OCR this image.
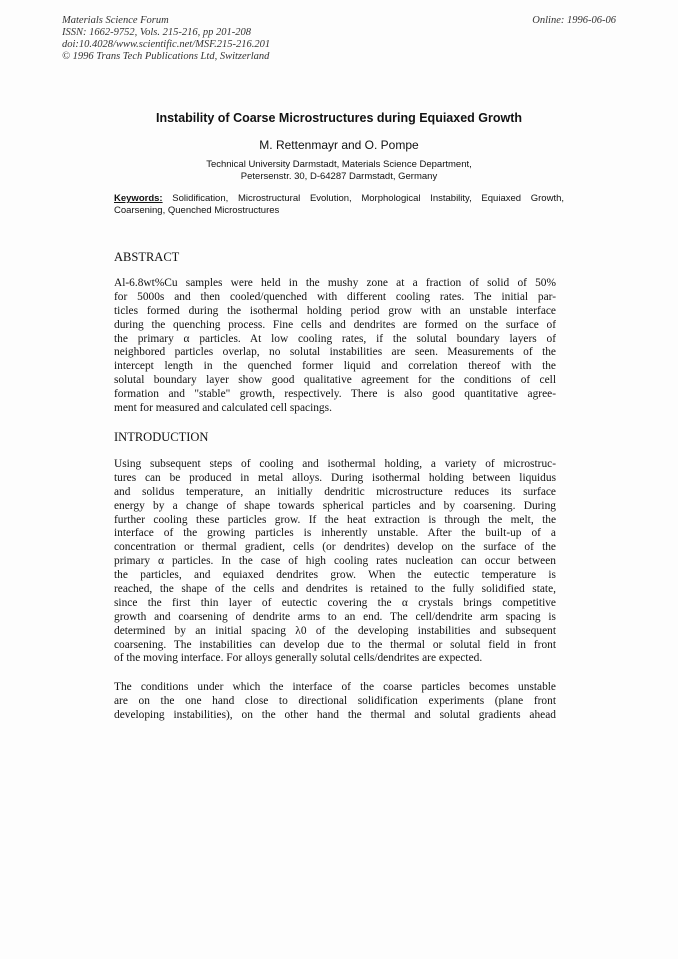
Materials Science Forum
ISSN: 1662-9752, Vols. 215-216, pp 201-208
doi:10.4028/www.scientific.net/MSF.215-216.201
© 1996 Trans Tech Publications Ltd, Switzerland
Online: 1996-06-06
Instability of Coarse Microstructures during Equiaxed Growth
M. Rettenmayr and O. Pompe
Technical University Darmstadt, Materials Science Department,
Petersenstr. 30, D-64287 Darmstadt, Germany
Keywords: Solidification, Microstructural Evolution, Morphological Instability, Equiaxed Growth,
Coarsening, Quenched Microstructures
ABSTRACT
Al-6.8wt%Cu samples were held in the mushy zone at a fraction of solid of 50%
for 5000s and then cooled/quenched with different cooling rates. The initial par-
ticles formed during the isothermal holding period grow with an unstable interface
during the quenching process. Fine cells and dendrites are formed on the surface of
the primary α particles. At low cooling rates, if the solutal boundary layers of
neighbored particles overlap, no solutal instabilities are seen. Measurements of the
intercept length in the quenched former liquid and correlation thereof with the
solutal boundary layer show good qualitative agreement for the conditions of cell
formation and "stable" growth, respectively. There is also good quantitative agree-
ment for measured and calculated cell spacings.
INTRODUCTION
Using subsequent steps of cooling and isothermal holding, a variety of microstruc-
tures can be produced in metal alloys. During isothermal holding between liquidus
and solidus temperature, an initially dendritic microstructure reduces its surface
energy by a change of shape towards spherical particles and by coarsening. During
further cooling these particles grow. If the heat extraction is through the melt, the
interface of the growing particles is inherently unstable. After the built-up of a
concentration or thermal gradient, cells (or dendrites) develop on the surface of the
primary α particles. In the case of high cooling rates nucleation can occur between
the particles, and equiaxed dendrites grow. When the eutectic temperature is
reached, the shape of the cells and dendrites is retained to the fully solidified state,
since the first thin layer of eutectic covering the α crystals brings competitive
growth and coarsening of dendrite arms to an end. The cell/dendrite arm spacing is
determined by an initial spacing λ0 of the developing instabilities and subsequent
coarsening. The instabilities can develop due to the thermal or solutal field in front
of the moving interface. For alloys generally solutal cells/dendrites are expected.
The conditions under which the interface of the coarse particles becomes unstable
are on the one hand close to directional solidification experiments (plane front
developing instabilities), on the other hand the thermal and solutal gradients ahead
